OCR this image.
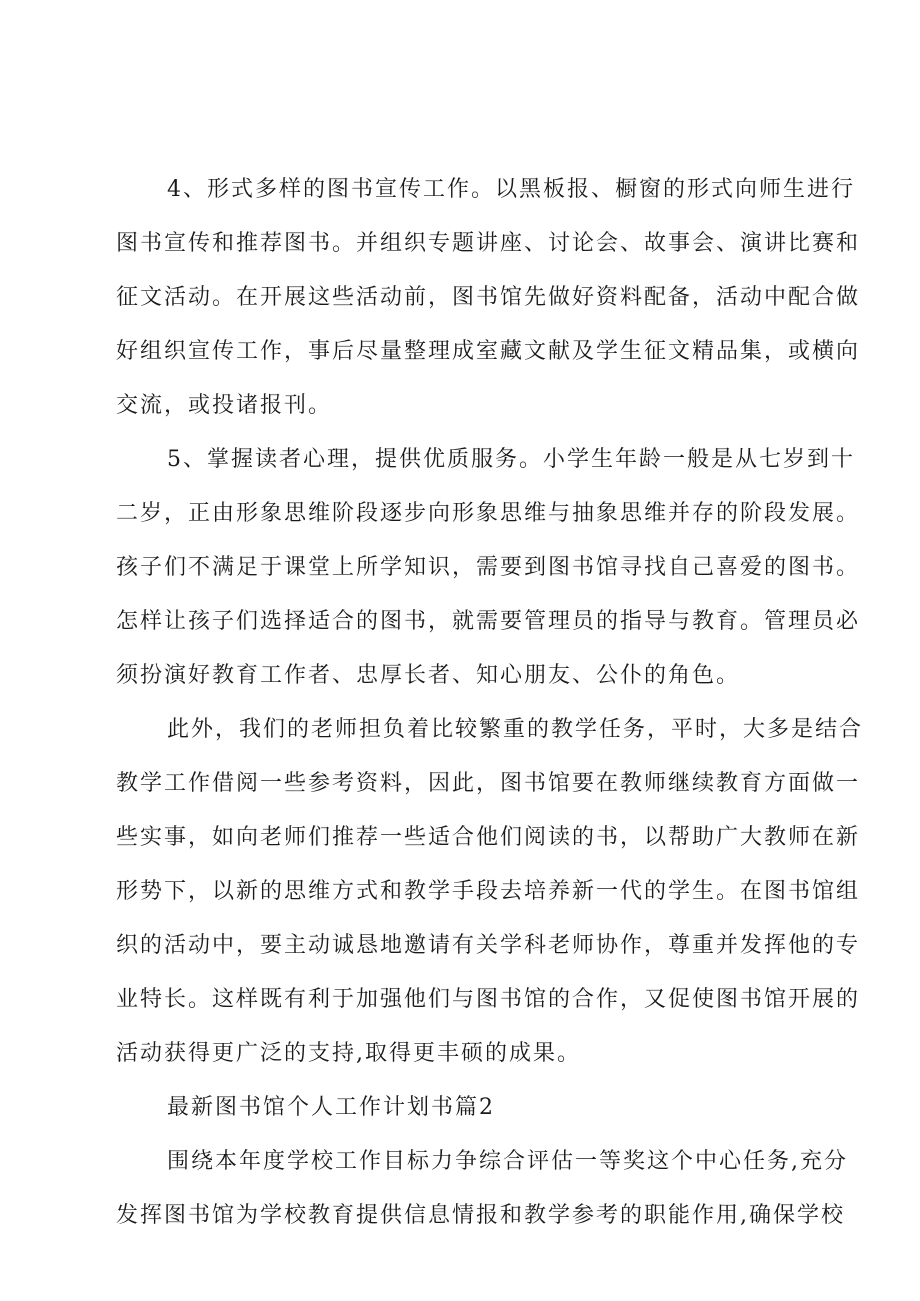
4、形式多样的图书宣传工作。以黑板报、橱窗的形式向师生进行
图书宣传和推荐图书。并组织专题讲座、讨论会、故事会、演讲比赛和
征文活动。在开展这些活动前，图书馆先做好资料配备，活动中配合做
好组织宣传工作，事后尽量整理成室藏文献及学生征文精品集，或横向
交流，或投诸报刊。
5、掌握读者心理，提供优质服务。小学生年龄一般是从七岁到十
二岁，正由形象思维阶段逐步向形象思维与抽象思维并存的阶段发展。
孩子们不满足于课堂上所学知识，需要到图书馆寻找自己喜爱的图书。
怎样让孩子们选择适合的图书，就需要管理员的指导与教育。管理员必
须扮演好教育工作者、忠厚长者、知心朋友、公仆的角色。
此外，我们的老师担负着比较繁重的教学任务，平时，大多是结合
教学工作借阅一些参考资料，因此，图书馆要在教师继续教育方面做一
些实事，如向老师们推荐一些适合他们阅读的书，以帮助广大教师在新
形势下，以新的思维方式和教学手段去培养新一代的学生。在图书馆组
织的活动中，要主动诚恳地邀请有关学科老师协作，尊重并发挥他的专
业特长。这样既有利于加强他们与图书馆的合作，又促使图书馆开展的
活动获得更广泛的支持,取得更丰硕的成果。
最新图书馆个人工作计划书篇2
围绕本年度学校工作目标力争综合评估一等奖这个中心任务,充分
发挥图书馆为学校教育提供信息情报和教学参考的职能作用,确保学校
